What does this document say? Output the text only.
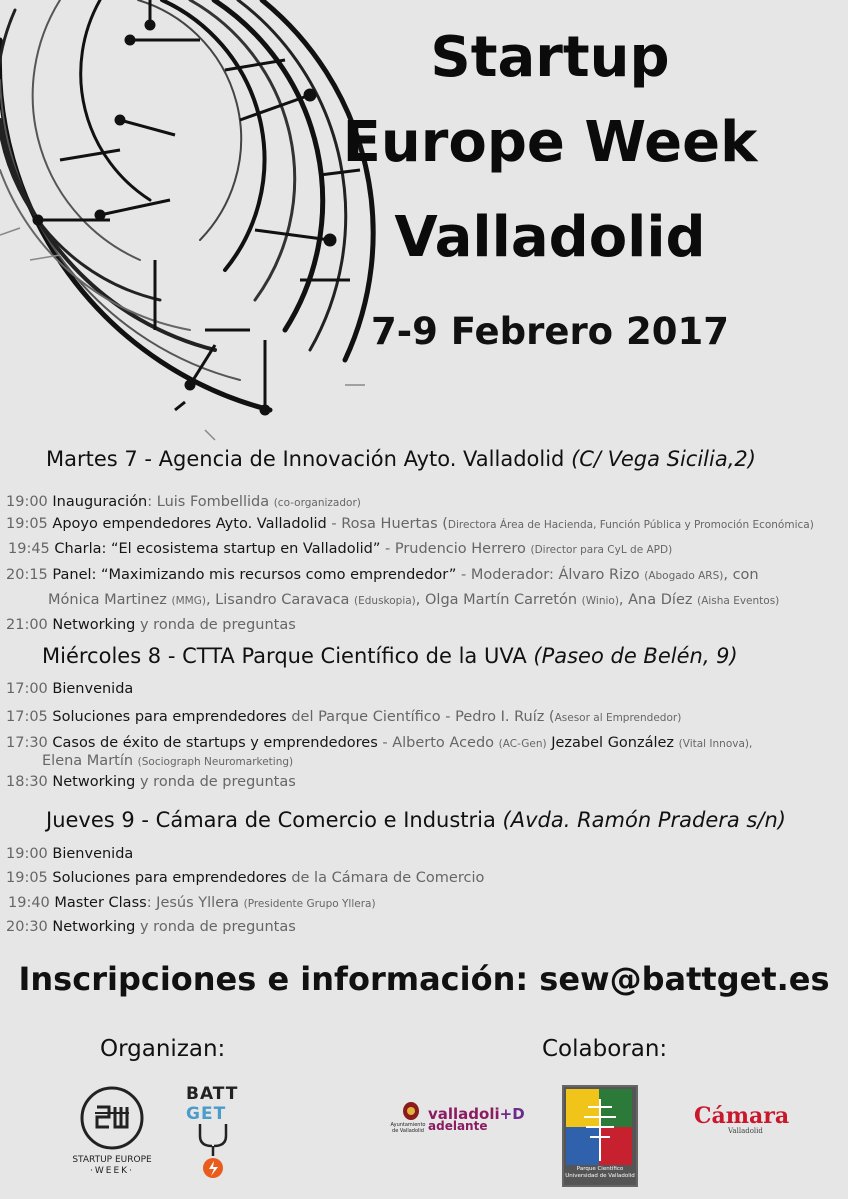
Startup
Europe Week
Valladolid
7-9 Febrero 2017
Martes 7 - Agencia de Innovación Ayto. Valladolid (C/ Vega Sicilia,2)
19:00 Inauguración: Luis Fombellida (co-organizador)
19:05 Apoyo empendedores Ayto. Valladolid - Rosa Huertas (Directora Área de Hacienda, Función Pública y Promoción Económica)
19:45 Charla: “El ecosistema startup en Valladolid” - Prudencio Herrero (Director para CyL de APD)
20:15 Panel: “Maximizando mis recursos como emprendedor” - Moderador: Álvaro Rizo (Abogado ARS), con
Mónica Martinez (MMG), Lisandro Caravaca (Eduskopia), Olga Martín Carretón (Winio), Ana Díez (Aisha Eventos)
21:00 Networking y ronda de preguntas
Miércoles 8 - CTTA Parque Científico de la UVA (Paseo de Belén, 9)
17:00 Bienvenida
17:05 Soluciones para emprendedores del Parque Científico - Pedro I. Ruíz (Asesor al Emprendedor)
17:30 Casos de éxito de startups y emprendedores - Alberto Acedo (AC-Gen) Jezabel González (Vital Innova),
Elena Martín (Sociograph Neuromarketing)
18:30 Networking y ronda de preguntas
Jueves 9 - Cámara de Comercio e Industria (Avda. Ramón Pradera s/n)
19:00 Bienvenida
19:05 Soluciones para emprendedores de la Cámara de Comercio
19:40 Master Class: Jesús Yllera (Presidente Grupo Yllera)
20:30 Networking y ronda de preguntas
Inscripciones e información: sew@battget.es
Organizan:	Colaboran:
STARTUP EUROPE
·WEEK·
BATT
GET
Ayuntamiento de Valladolid
valladoli+D
adelante
Parque Científico Universidad de Valladolid
Cámara
Valladolid
